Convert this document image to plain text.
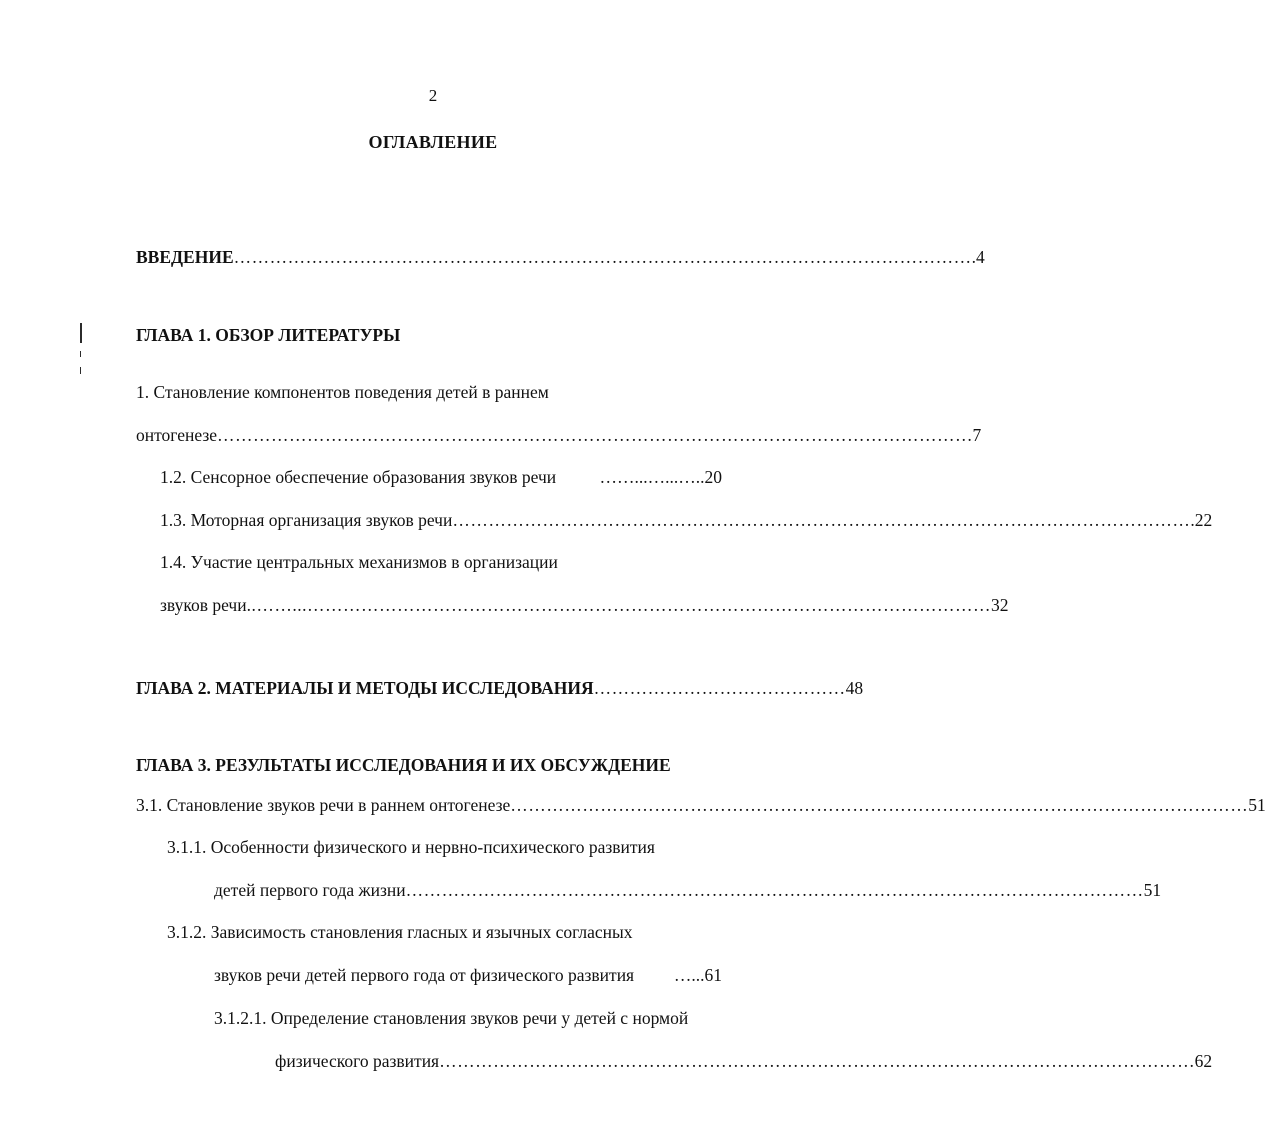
2
ОГЛАВЛЕНИЕ
ВВЕДЕНИЕ …………………………………………………………………………………………………………… .4
ГЛАВА 1. ОБЗОР ЛИТЕРАТУРЫ
1. Становление компонентов поведения детей в раннем
онтогенезе …………………………………………………………………………………………………………… …7
1.2. Сенсорное обеспечение образования звуков речи ……...…...…..20
1.3. Моторная организация звуков речи …………………………………………………………………………………………………………… .22
1.4. Участие центральных механизмов в организации
звуков речи ..……...…………………………………………………………………………………………………… 32
ГЛАВА 2. МАТЕРИАЛЫ И МЕТОДЫ ИССЛЕДОВАНИЯ …………………………………… 48
ГЛАВА 3. РЕЗУЛЬТАТЫ ИССЛЕДОВАНИЯ И ИХ ОБСУЖДЕНИЕ
3.1. Становление звуков речи в раннем онтогенезе …………………………………………………………………………………………………………… 51
3.1.1. Особенности физического и нервно-психического развития
детей первого года жизни …………………………………………………………………………………………………………… 51
3.1.2. Зависимость становления гласных и язычных согласных
звуков речи детей первого года от физического развития …...61
3.1.2.1. Определение становления звуков речи у детей с нормой
физического развития …………………………………………………………………………………………………………… …62
